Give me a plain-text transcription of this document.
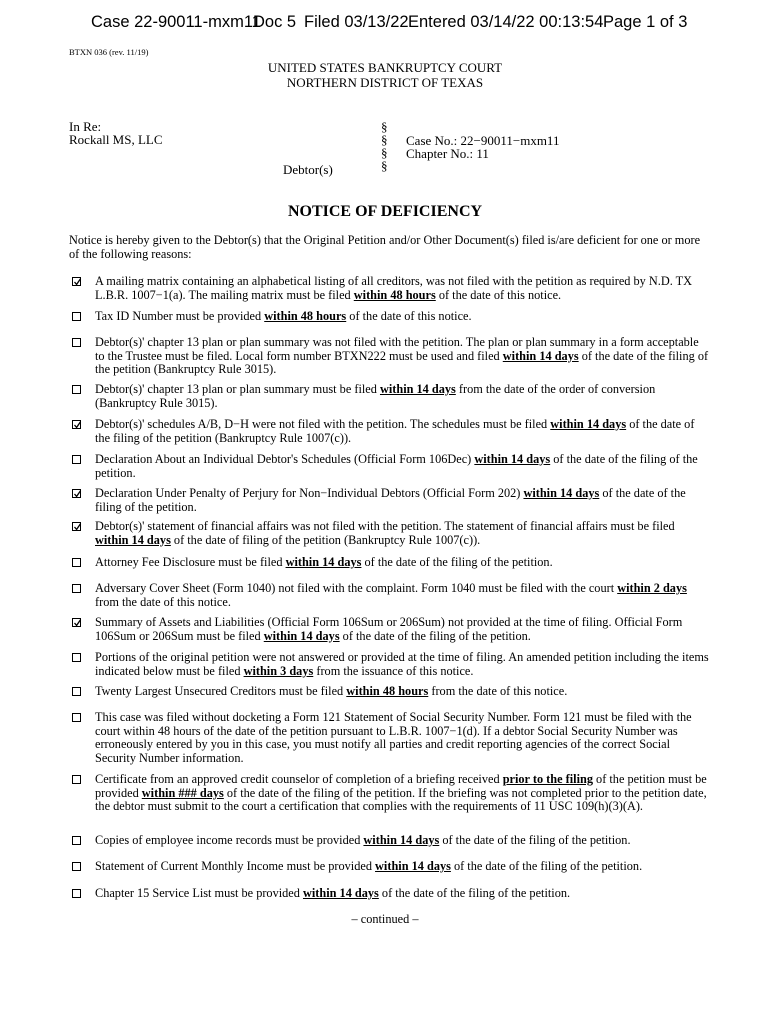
Case 22-90011-mxm11
Doc 5 Filed 03/13/22 Entered 03/14/22 00:13:54 Page 1 of 3
BTXN 036 (rev. 11/19)
UNITED STATES BANKRUPTCY COURT
NORTHERN DISTRICT OF TEXAS
In Re:
Rockall MS, LLC
Debtor(s)
§
§
§
§
Case No.: 22−90011−mxm11
Chapter No.: 11
NOTICE OF DEFICIENCY
Notice is hereby given to the Debtor(s) that the Original Petition and/or Other Document(s) filed is/are deficient for one or more of the following reasons:
A mailing matrix containing an alphabetical listing of all creditors, was not filed with the petition as required by N.D. TX L.B.R. 1007−1(a). The mailing matrix must be filed within 48 hours of the date of this notice.
Tax ID Number must be provided within 48 hours of the date of this notice.
Debtor(s)' chapter 13 plan or plan summary was not filed with the petition. The plan or plan summary in a form acceptable to the Trustee must be filed. Local form number BTXN222 must be used and filed within 14 days of the date of the filing of the petition (Bankruptcy Rule 3015).
Debtor(s)' chapter 13 plan or plan summary must be filed within 14 days from the date of the order of conversion (Bankruptcy Rule 3015).
Debtor(s)' schedules A/B, D−H were not filed with the petition. The schedules must be filed within 14 days of the date of the filing of the petition (Bankruptcy Rule 1007(c)).
Declaration About an Individual Debtor's Schedules (Official Form 106Dec) within 14 days of the date of the filing of the petition.
Declaration Under Penalty of Perjury for Non−Individual Debtors (Official Form 202) within 14 days of the date of the filing of the petition.
Debtor(s)' statement of financial affairs was not filed with the petition. The statement of financial affairs must be filed within 14 days of the date of filing of the petition (Bankruptcy Rule 1007(c)).
Attorney Fee Disclosure must be filed within 14 days of the date of the filing of the petition.
Adversary Cover Sheet (Form 1040) not filed with the complaint. Form 1040 must be filed with the court within 2 days from the date of this notice.
Summary of Assets and Liabilities (Official Form 106Sum or 206Sum) not provided at the time of filing. Official Form 106Sum or 206Sum must be filed within 14 days of the date of the filing of the petition.
Portions of the original petition were not answered or provided at the time of filing. An amended petition including the items indicated below must be filed within 3 days from the issuance of this notice.
Twenty Largest Unsecured Creditors must be filed within 48 hours from the date of this notice.
This case was filed without docketing a Form 121 Statement of Social Security Number. Form 121 must be filed with the court within 48 hours of the date of the petition pursuant to L.B.R. 1007−1(d). If a debtor Social Security Number was erroneously entered by you in this case, you must notify all parties and credit reporting agencies of the correct Social Security Number information.
Certificate from an approved credit counselor of completion of a briefing received prior to the filing of the petition must be provided within ### days of the date of the filing of the petition. If the briefing was not completed prior to the petition date, the debtor must submit to the court a certification that complies with the requirements of 11 USC 109(h)(3)(A).
Copies of employee income records must be provided within 14 days of the date of the filing of the petition.
Statement of Current Monthly Income must be provided within 14 days of the date of the filing of the petition.
Chapter 15 Service List must be provided within 14 days of the date of the filing of the petition.
– continued –
